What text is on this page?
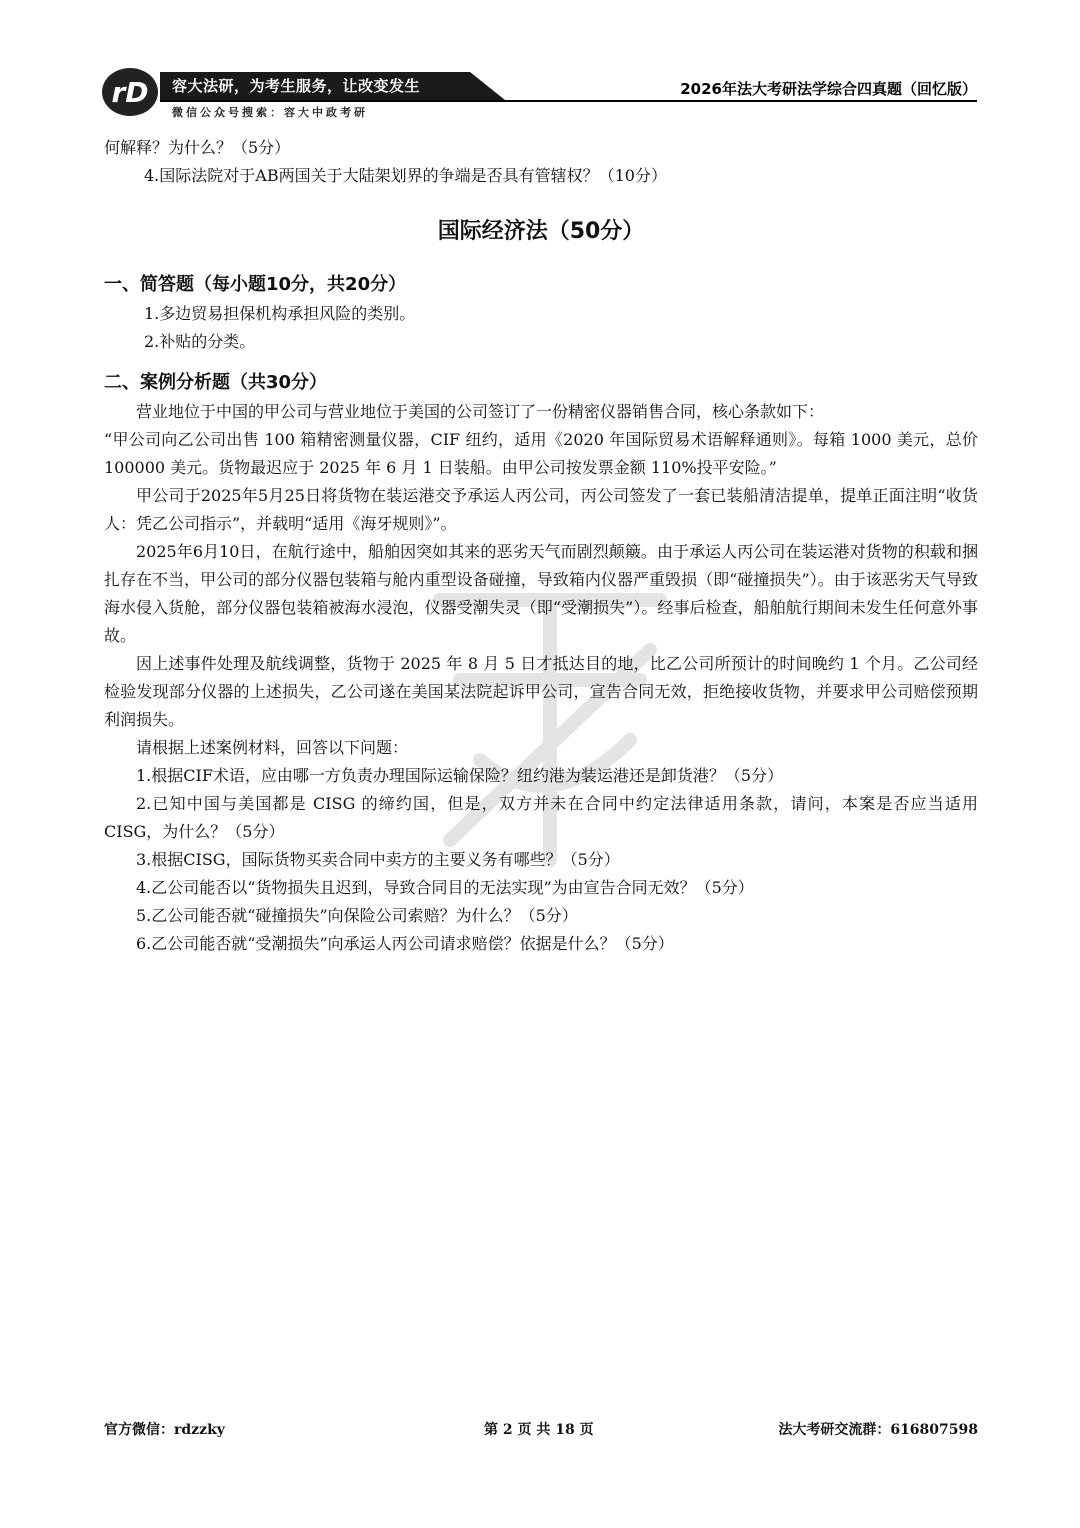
rD 容大法研，为考生服务，让改变发生
微信公众号搜索：容大中政考研
2026年法大考研法学综合四真题（回忆版）

何解释？为什么？（5分）

4.国际法院对于AB两国关于大陆架划界的争端是否具有管辖权？（10分）

国际经济法（50分）
一、简答题（每小题10分，共20分）

1.多边贸易担保机构承担风险的类别。

2.补贴的分类。

二、案例分析题（共30分）

营业地位于中国的甲公司与营业地位于美国的公司签订了一份精密仪器销售合同，核心条款如下：

“甲公司向乙公司出售 100 箱精密测量仪器，CIF 纽约，适用《2020 年国际贸易术语解释通则》。每箱 1000 美元，总价 100000 美元。货物最迟应于 2025 年 6 月 1 日装船。由甲公司按发票金额 110%投平安险。”

甲公司于2025年5月25日将货物在装运港交予承运人丙公司，丙公司签发了一套已装船清洁提单，提单正面注明“收货人：凭乙公司指示”，并载明“适用《海牙规则》”。

2025年6月10日，在航行途中，船舶因突如其来的恶劣天气而剧烈颠簸。由于承运人丙公司在装运港对货物的积载和捆扎存在不当，甲公司的部分仪器包装箱与舱内重型设备碰撞，导致箱内仪器严重毁损（即“碰撞损失”）。由于该恶劣天气导致海水侵入货舱，部分仪器包装箱被海水浸泡，仪器受潮失灵（即“受潮损失”）。经事后检查，船舶航行期间未发生任何意外事故。

因上述事件处理及航线调整，货物于 2025 年 8 月 5 日才抵达目的地，比乙公司所预计的时间晚约 1 个月。乙公司经检验发现部分仪器的上述损失，乙公司遂在美国某法院起诉甲公司，宣告合同无效，拒绝接收货物，并要求甲公司赔偿预期利润损失。

请根据上述案例材料，回答以下问题：

1.根据CIF术语，应由哪一方负责办理国际运输保险？纽约港为装运港还是卸货港？（5分）

2.已知中国与美国都是 CISG 的缔约国，但是，双方并未在合同中约定法律适用条款，请问，本案是否应当适用CISG，为什么？（5分）

3.根据CISG，国际货物买卖合同中卖方的主要义务有哪些？（5分）

4.乙公司能否以“货物损失且迟到，导致合同目的无法实现”为由宣告合同无效？（5分）

5.乙公司能否就“碰撞损失”向保险公司索赔？为什么？（5分）

6.乙公司能否就“受潮损失”向承运人丙公司请求赔偿？依据是什么？（5分）

官方微信：rdzzky	第 2 页 共 18 页	法大考研交流群：616807598
